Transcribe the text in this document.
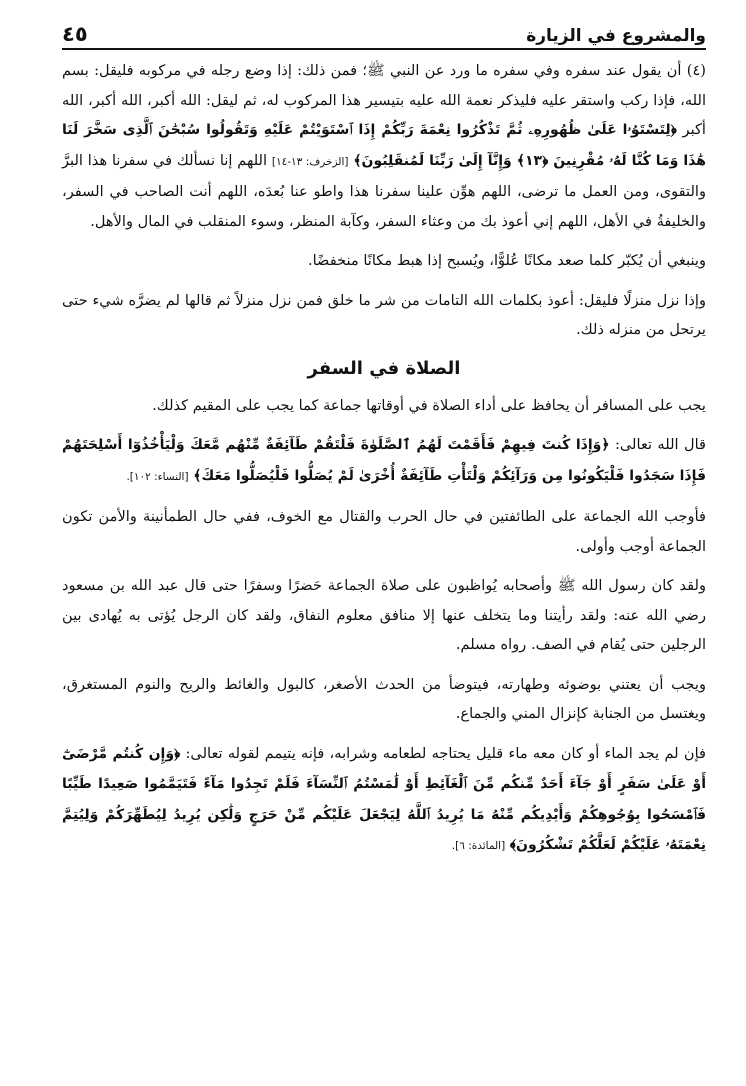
والمشروع في الزيارة
٤٥

(٤) أن يقول عند سفره وفي سفره ما ورد عن النبي ﷺ؛ فمن ذلك: إذا وضع رجله في مركوبه فليقل: بسم الله، فإذا ركب واستقر عليه فليذكر نعمة الله عليه بتيسير هذا المركوب له، ثم ليقل: الله أكبر، الله أكبر، الله أكبر ﴿لِتَسْتَوُۥا عَلَىٰ ظُهُورِهِۦ ثُمَّ تَذْكُرُوا نِعْمَةَ رَبِّكُمْ إِذَا ٱسْتَوَيْتُمْ عَلَيْهِ وَتَقُولُوا سُبْحَٰنَ ٱلَّذِى سَخَّرَ لَنَا هَٰذَا وَمَا كُنَّا لَهُۥ مُقْرِنِينَ ﴿١٣﴾ وَإِنَّآ إِلَىٰ رَبِّنَا لَمُنقَلِبُونَ﴾ [الزخرف: ١٣-١٤] اللهم إنا نسألك في سفرنا هذا البرَّ والتقوى، ومن العمل ما ترضى، اللهم هوِّن علينا سفرنا هذا واطو عنا بُعدَه، اللهم أنت الصاحب في السفر، والخليفةُ في الأهل، اللهم إني أعوذ بك من وعثاء السفر، وكآبة المنظر، وسوء المنقلب في المال والأهل.

وينبغي أن يُكبّر كلما صعد مكانًا عُلوًّا، ويُسبح إذا هبط مكانًا منخفضًا.

وإذا نزل منزلًا فليقل: أعوذ بكلمات الله التامات من شر ما خلق فمن نزل منزلاً ثم قالها لم يضرَّه شيء حتى يرتحل من منزله ذلك.

الصلاة في السفر

يجب على المسافر أن يحافظ على أداء الصلاة في أوقاتها جماعة كما يجب على المقيم كذلك.

قال الله تعالى: ﴿وَإِذَا كُنتَ فِيهِمْ فَأَقَمْتَ لَهُمُ ٱلصَّلَوٰةَ فَلْتَقُمْ طَآئِفَةٌ مِّنْهُم مَّعَكَ وَلْيَأْخُذُوٓا أَسْلِحَتَهُمْ فَإِذَا سَجَدُوا فَلْيَكُونُوا مِن وَرَآئِكُمْ وَلْتَأْتِ طَآئِفَةٌ أُخْرَىٰ لَمْ يُصَلُّوا فَلْيُصَلُّوا مَعَكَ﴾ [النساء: ١٠٢].

فأوجب الله الجماعة على الطائفتين في حال الحرب والقتال مع الخوف، ففي حال الطمأنينة والأمن تكون الجماعة أوجب وأولى.

ولقد كان رسول الله ﷺ وأصحابه يُواظبون على صلاة الجماعة حَضرًا وسفرًا حتى قال عبد الله بن مسعود رضي الله عنه: ولقد رأيتنا وما يتخلف عنها إلا منافق معلوم النفاق، ولقد كان الرجل يُؤتى به يُهادى بين الرجلين حتى يُقام في الصف. رواه مسلم.

ويجب أن يعتني بوضوئه وطهارته، فيتوضأ من الحدث الأصغر، كالبول والغائط والريح والنوم المستغرق، ويغتسل من الجنابة كإنزال المني والجماع.

فإن لم يجد الماء أو كان معه ماء قليل يحتاجه لطعامه وشرابه، فإنه يتيمم لقوله تعالى: ﴿وَإِن كُنتُم مَّرْضَىٰٓ أَوْ عَلَىٰ سَفَرٍ أَوْ جَآءَ أَحَدٌ مِّنكُم مِّنَ ٱلْغَآئِطِ أَوْ لَٰمَسْتُمُ ٱلنِّسَآءَ فَلَمْ تَجِدُوا مَآءً فَتَيَمَّمُوا صَعِيدًا طَيِّبًا فَٱمْسَحُوا بِوُجُوهِكُمْ وَأَيْدِيكُم مِّنْهُ مَا يُرِيدُ ٱللَّهُ لِيَجْعَلَ عَلَيْكُم مِّنْ حَرَجٍ وَلَٰكِن يُرِيدُ لِيُطَهِّرَكُمْ وَلِيُتِمَّ نِعْمَتَهُۥ عَلَيْكُمْ لَعَلَّكُمْ تَشْكُرُونَ﴾ [المائدة: ٦].
